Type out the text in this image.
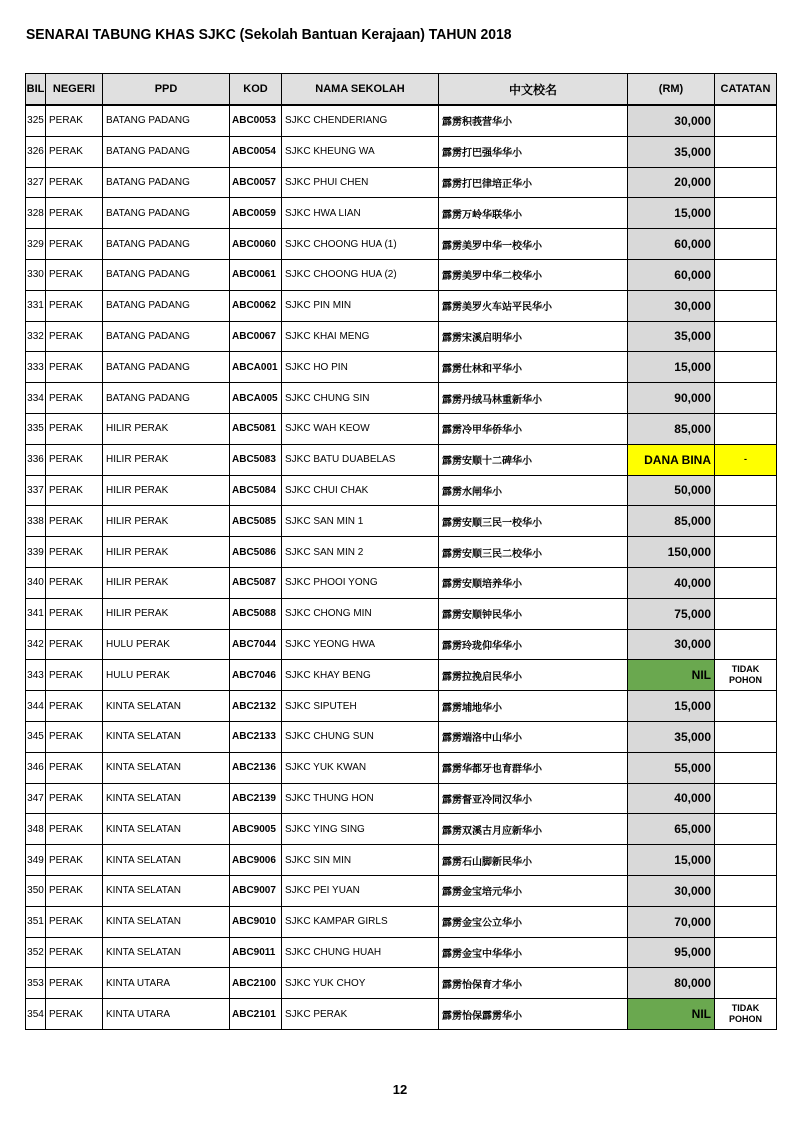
SENARAI TABUNG KHAS SJKC (Sekolah Bantuan Kerajaan) TAHUN 2018
BIL	NEGERI	PPD	KOD	NAMA SEKOLAH	中文校名	(RM)	CATATAN
325	PERAK	BATANG PADANG	ABC0053	SJKC CHENDERIANG	霹雳积莪营华小	30,000	
326	PERAK	BATANG PADANG	ABC0054	SJKC KHEUNG WA	霹雳打巴强华华小	35,000	
327	PERAK	BATANG PADANG	ABC0057	SJKC PHUI CHEN	霹雳打巴律培正华小	20,000	
328	PERAK	BATANG PADANG	ABC0059	SJKC HWA LIAN	霹雳万岭华联华小	15,000	
329	PERAK	BATANG PADANG	ABC0060	SJKC CHOONG HUA (1)	霹雳美罗中华一校华小	60,000	
330	PERAK	BATANG PADANG	ABC0061	SJKC CHOONG HUA (2)	霹雳美罗中华二校华小	60,000	
331	PERAK	BATANG PADANG	ABC0062	SJKC PIN MIN	霹雳美罗火车站平民华小	30,000	
332	PERAK	BATANG PADANG	ABC0067	SJKC KHAI MENG	霹雳宋溪启明华小	35,000	
333	PERAK	BATANG PADANG	ABCA001	SJKC HO PIN	霹雳仕林和平华小	15,000	
334	PERAK	BATANG PADANG	ABCA005	SJKC CHUNG SIN	霹雳丹绒马林重新华小	90,000	
335	PERAK	HILIR PERAK	ABC5081	SJKC WAH KEOW	霹雳冷甲华侨华小	85,000	
336	PERAK	HILIR PERAK	ABC5083	SJKC BATU DUABELAS	霹雳安顺十二碑华小	DANA BINA	-
337	PERAK	HILIR PERAK	ABC5084	SJKC CHUI CHAK	霹雳水闸华小	50,000	
338	PERAK	HILIR PERAK	ABC5085	SJKC SAN MIN 1	霹雳安顺三民一校华小	85,000	
339	PERAK	HILIR PERAK	ABC5086	SJKC SAN MIN 2	霹雳安顺三民二校华小	150,000	
340	PERAK	HILIR PERAK	ABC5087	SJKC PHOOI YONG	霹雳安顺培养华小	40,000	
341	PERAK	HILIR PERAK	ABC5088	SJKC CHONG MIN	霹雳安顺钟民华小	75,000	
342	PERAK	HULU PERAK	ABC7044	SJKC YEONG HWA	霹雳玲珑仰华华小	30,000	
343	PERAK	HULU PERAK	ABC7046	SJKC KHAY BENG	霹雳拉挽启民华小	NIL	TIDAK POHON
344	PERAK	KINTA SELATAN	ABC2132	SJKC SIPUTEH	霹雳埔地华小	15,000	
345	PERAK	KINTA SELATAN	ABC2133	SJKC CHUNG SUN	霹雳端洛中山华小	35,000	
346	PERAK	KINTA SELATAN	ABC2136	SJKC YUK KWAN	霹雳华都牙也育群华小	55,000	
347	PERAK	KINTA SELATAN	ABC2139	SJKC THUNG HON	霹雳督亚冷同汉华小	40,000	
348	PERAK	KINTA SELATAN	ABC9005	SJKC YING SING	霹雳双溪古月应新华小	65,000	
349	PERAK	KINTA SELATAN	ABC9006	SJKC SIN MIN	霹雳石山脚新民华小	15,000	
350	PERAK	KINTA SELATAN	ABC9007	SJKC PEI YUAN	霹雳金宝培元华小	30,000	
351	PERAK	KINTA SELATAN	ABC9010	SJKC KAMPAR GIRLS	霹雳金宝公立华小	70,000	
352	PERAK	KINTA SELATAN	ABC9011	SJKC CHUNG HUAH	霹雳金宝中华华小	95,000	
353	PERAK	KINTA UTARA	ABC2100	SJKC YUK CHOY	霹雳怡保育才华小	80,000	
354	PERAK	KINTA UTARA	ABC2101	SJKC PERAK	霹雳怡保霹雳华小	NIL	TIDAK POHON
12
